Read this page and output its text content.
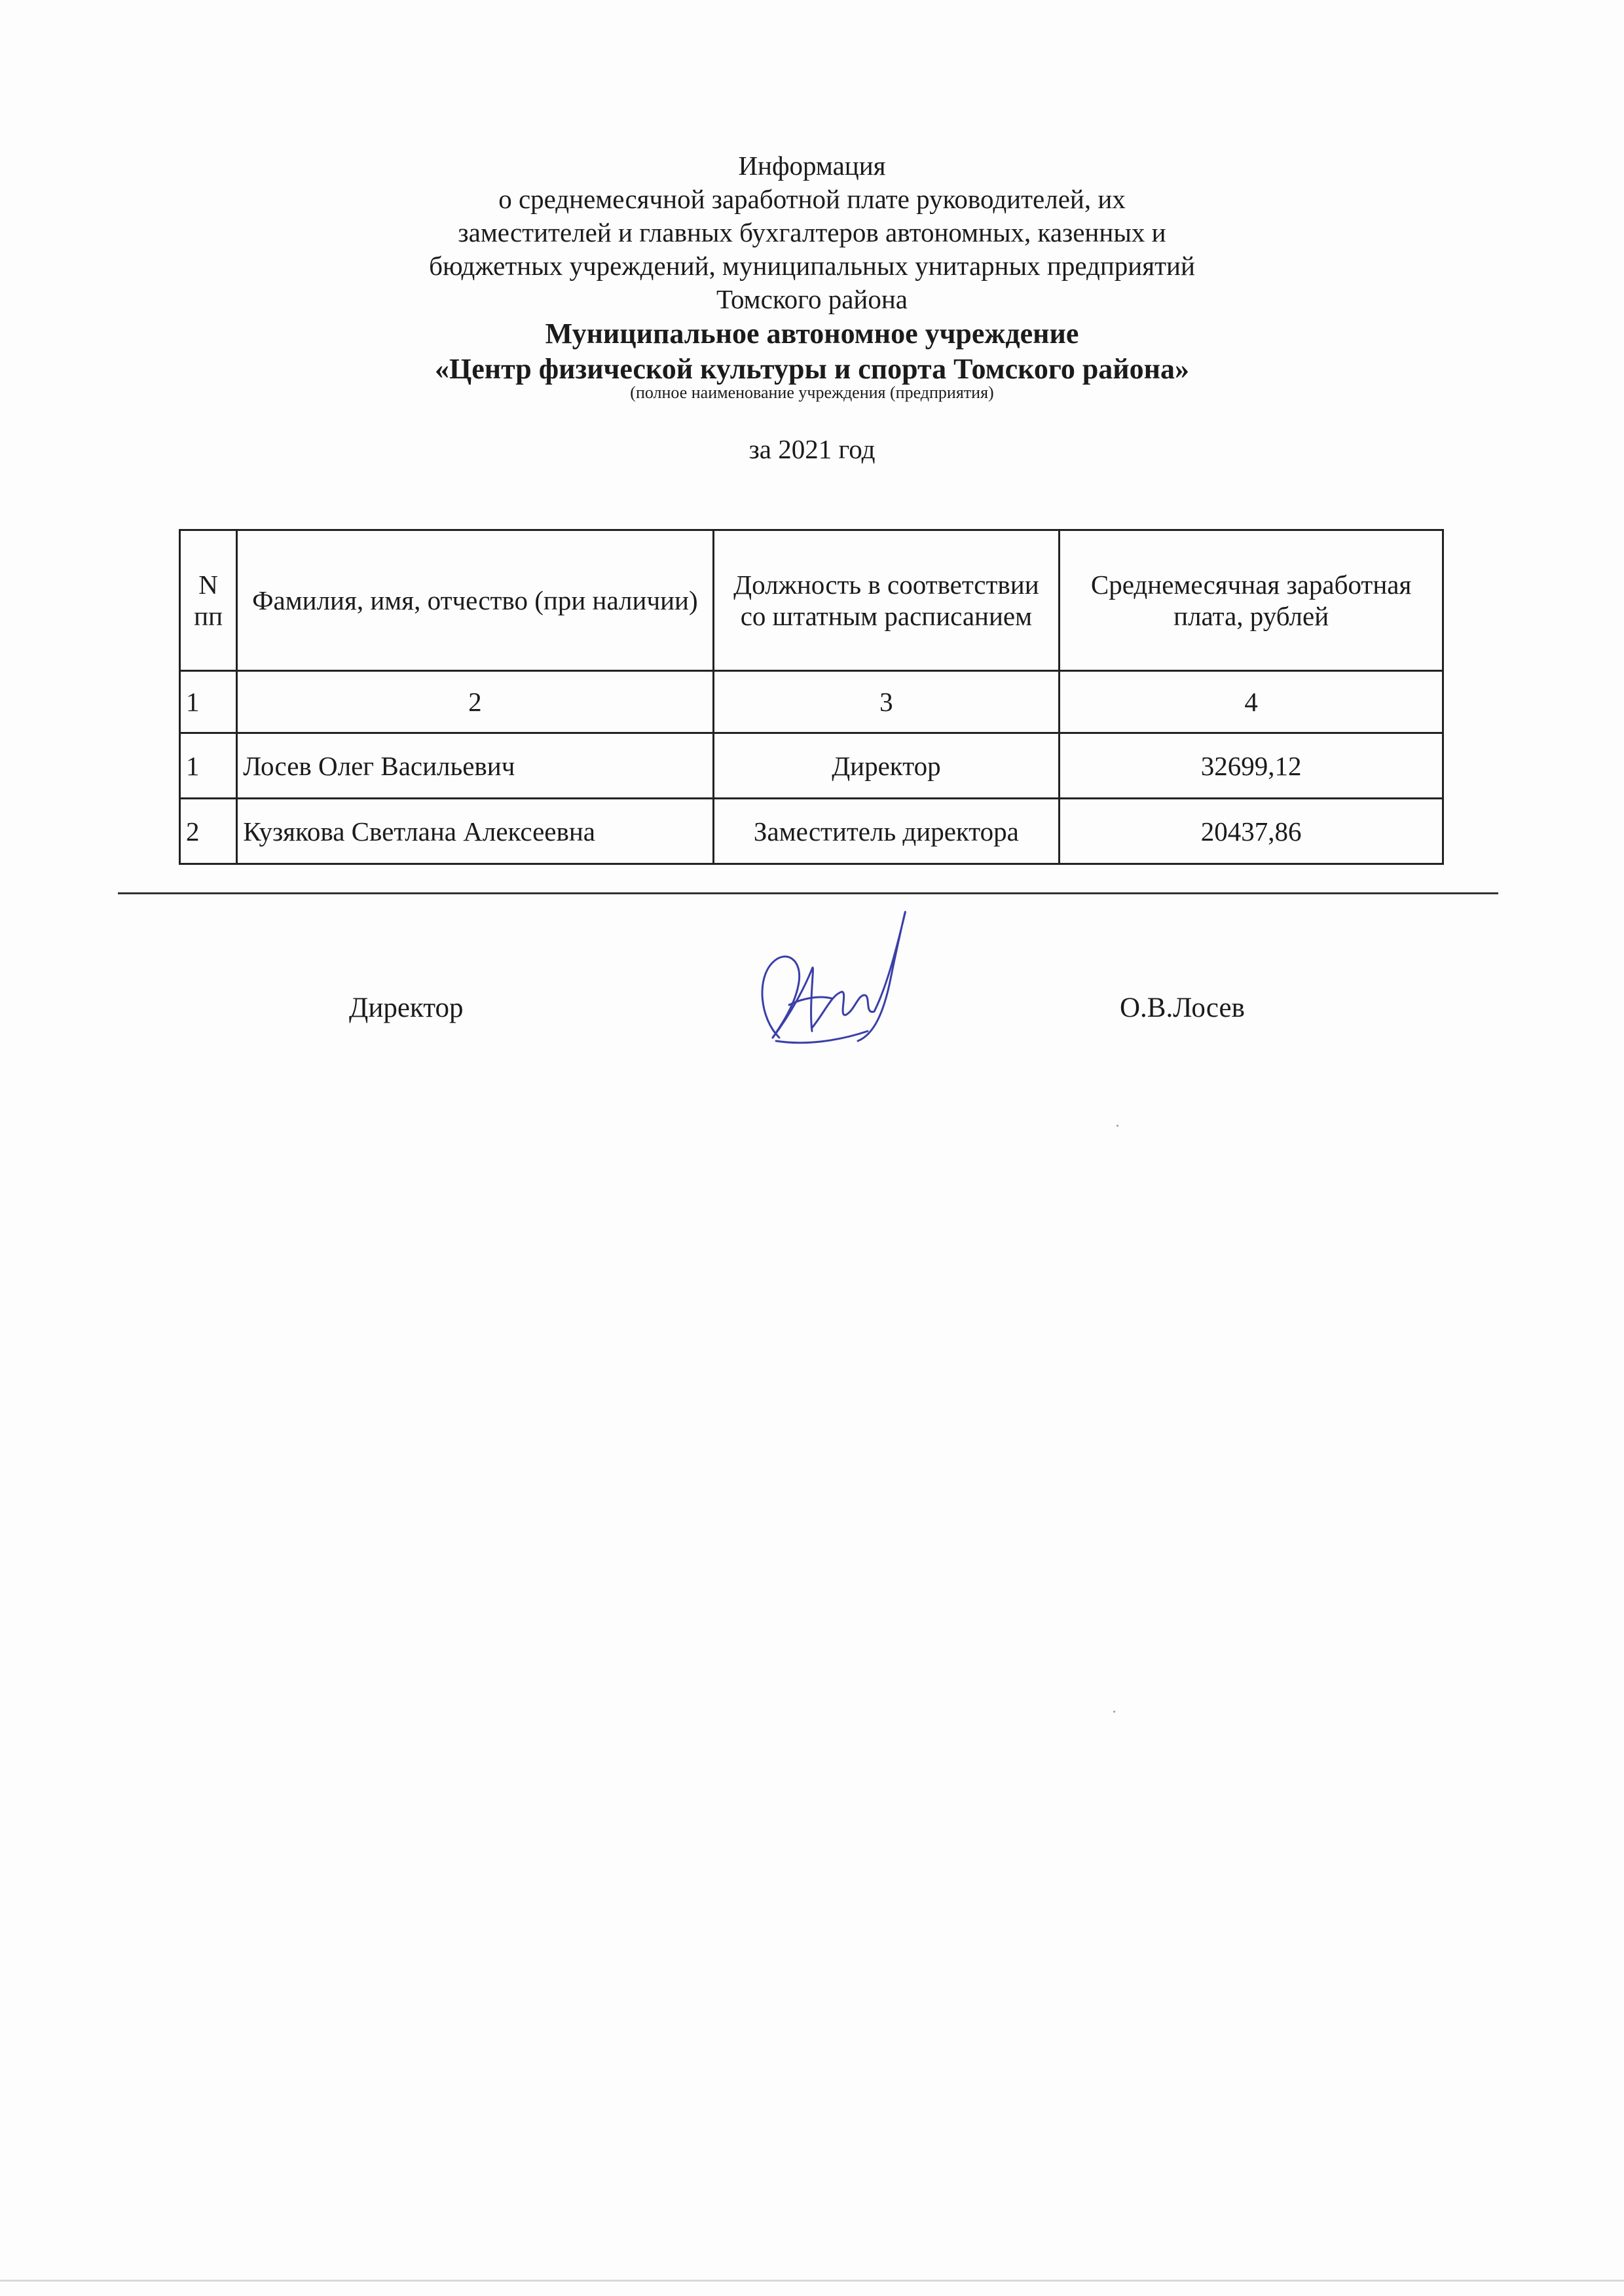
Информация

о среднемесячной заработной плате руководителей, их

заместителей и главных бухгалтеров автономных, казенных и

бюджетных учреждений, муниципальных унитарных предприятий

Томского района

Муниципальное автономное учреждение

«Центр физической культуры и спорта Томского района»

(полное наименование учреждения (предприятия)

за 2021 год

N
пп	Фамилия, имя, отчество (при наличии)	Должность в соответствии со штатным расписанием	Среднемесячная заработная плата, рублей
1	2	3	4
1	Лосев Олег Васильевич	Директор	32699,12
2	Кузякова Светлана Алексеевна	Заместитель директора	20437,86
Директор	О.В.Лосев
